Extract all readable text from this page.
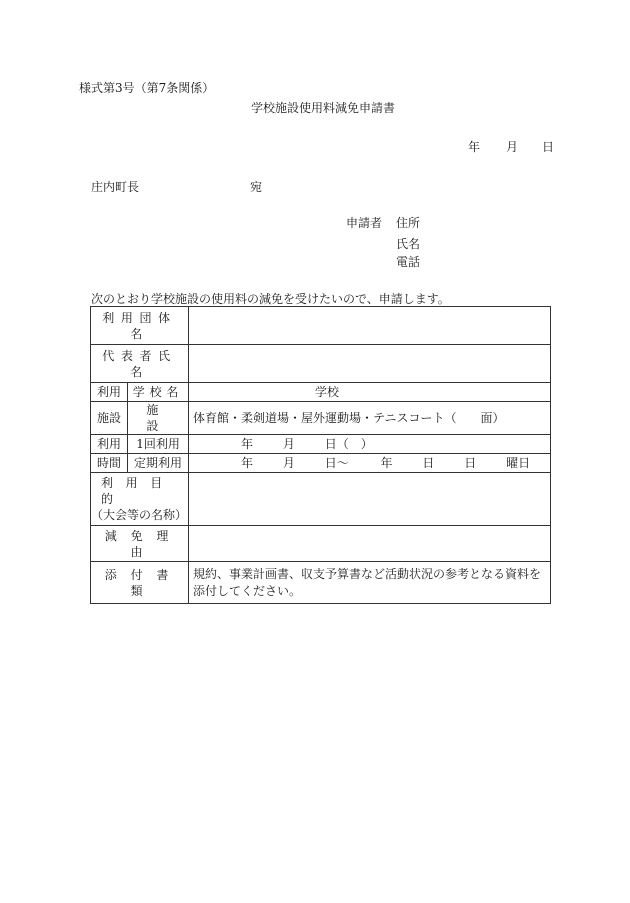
様式第3号（第7条関係）
学校施設使用料減免申請書
年 月 日
庄内町長	宛
申請者 住所
氏名
電話
次のとおり学校施設の使用料の減免を受けたいので、申請します。
利用団体名		
代表者氏名		
利用	学校名	学校
施設	施設	体育館・柔剣道場・屋外運動場・テニスコート（　　面）
利用	1回利用	年 月 日（　）
時間	定期利用	年 月 日～ 年 日 日 曜日

利用目的
（大会等の名称）		

減免理由		
添付書類		規約、事業計画書、収支予算書など活動状況の参考となる資料を
添付してください。
